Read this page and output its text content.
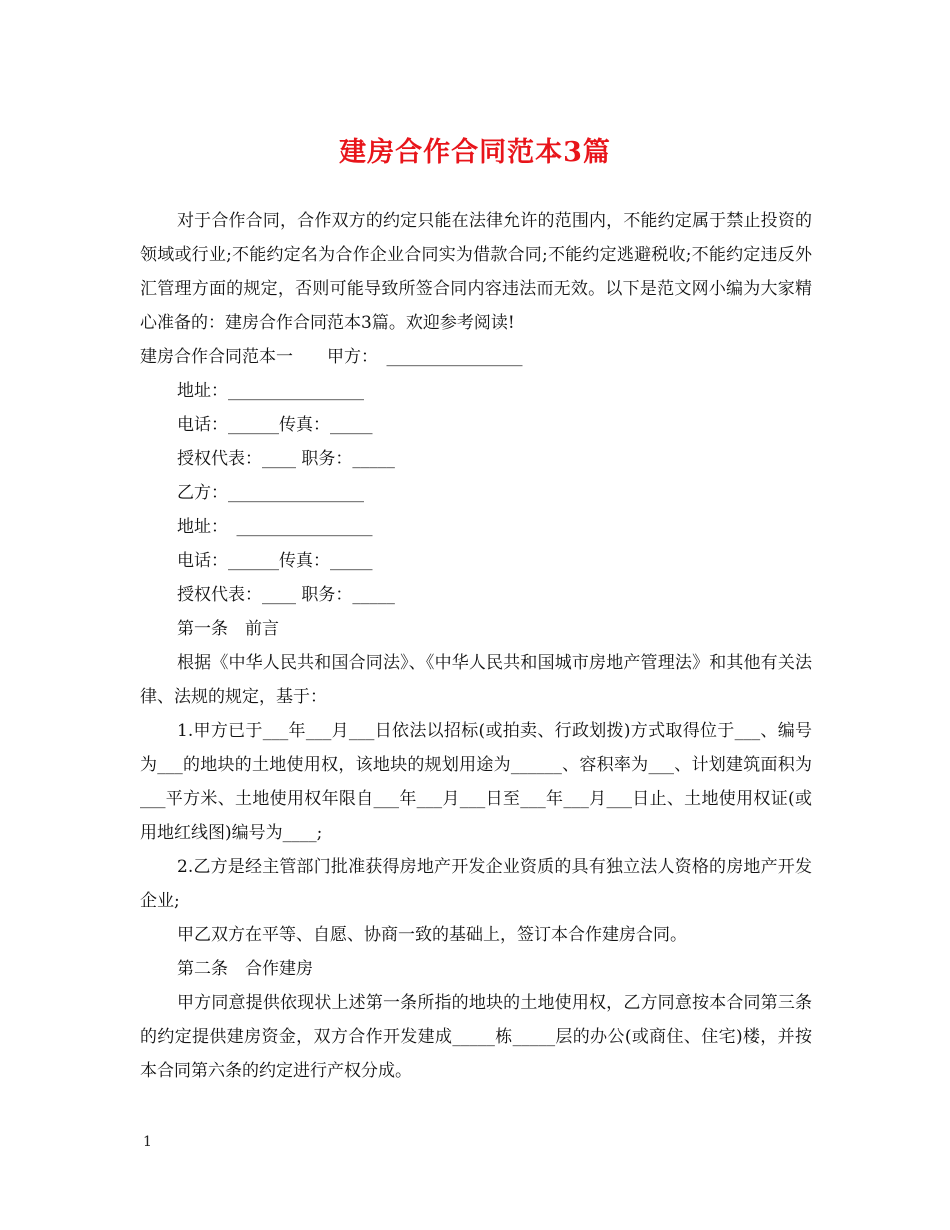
建房合作合同范本3篇

对于合作合同，合作双方的约定只能在法律允许的范围内，不能约定属于禁止投资的领域或行业;不能约定名为合作企业合同实为借款合同;不能约定逃避税收;不能约定违反外汇管理方面的规定，否则可能导致所签合同内容违法而无效。以下是范文网小编为大家精心准备的：建房合作合同范本3篇。欢迎参考阅读!

建房合作合同范本一　　甲方：　________________

地址：________________

电话：______传真：_____

授权代表：____ 职务：_____

乙方：________________

地址：　________________

电话：______传真：_____

授权代表：____ 职务：_____

第一条　前言

根据《中华人民共和国合同法》、《中华人民共和国城市房地产管理法》和其他有关法律、法规的规定，基于：

1.甲方已于___年___月___日依法以招标(或拍卖、行政划拨)方式取得位于___、编号为___的地块的土地使用权，该地块的规划用途为______、容积率为___、计划建筑面积为___平方米、土地使用权年限自___年___月___日至___年___月___日止、土地使用权证(或用地红线图)编号为____;

2.乙方是经主管部门批准获得房地产开发企业资质的具有独立法人资格的房地产开发企业;

甲乙双方在平等、自愿、协商一致的基础上，签订本合作建房合同。

第二条　合作建房

甲方同意提供依现状上述第一条所指的地块的土地使用权，乙方同意按本合同第三条的约定提供建房资金，双方合作开发建成_____栋_____层的办公(或商住、住宅)楼，并按本合同第六条的约定进行产权分成。

1
